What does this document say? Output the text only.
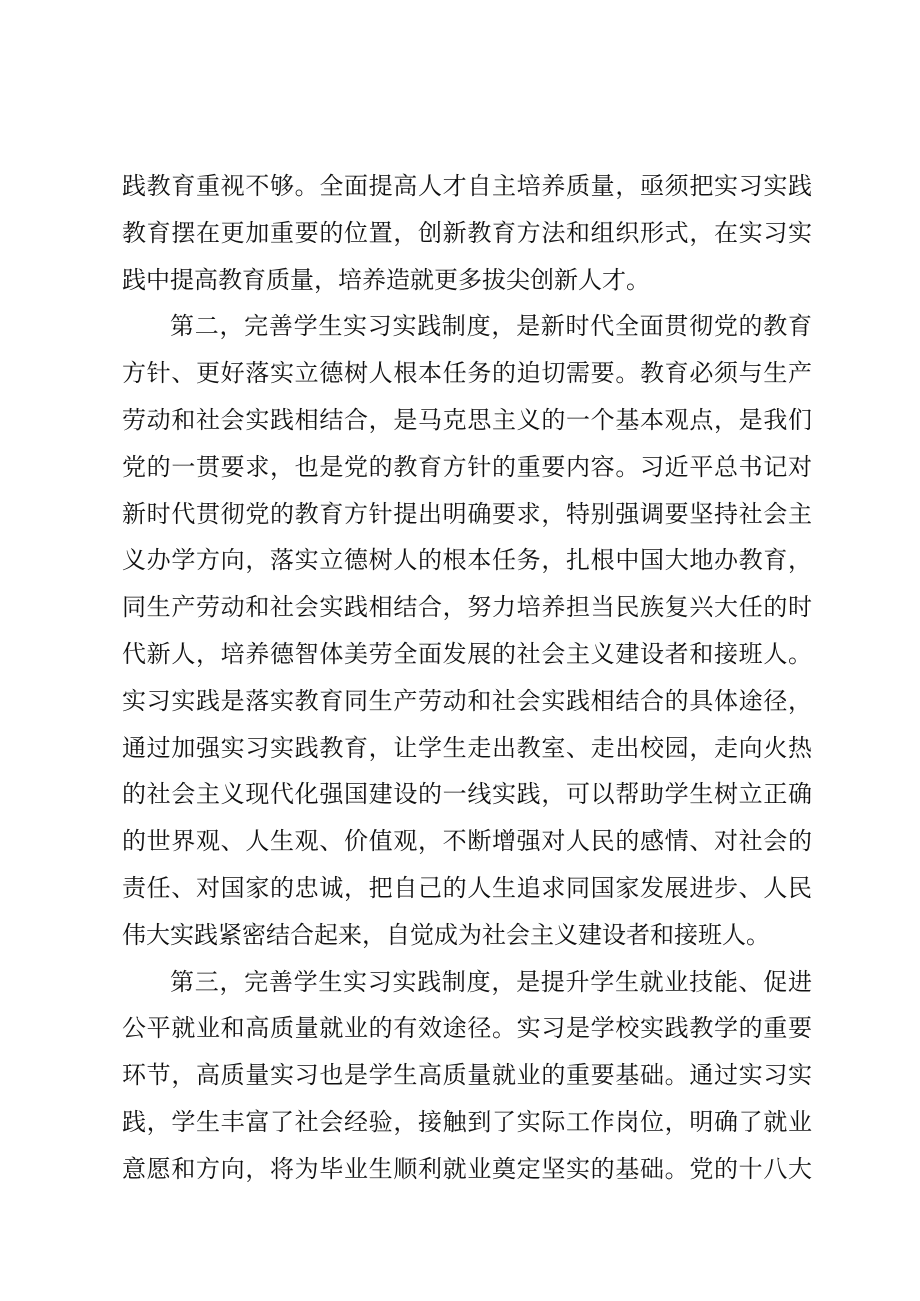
践教育重视不够。全面提高人才自主培养质量，亟须把实习实践
教育摆在更加重要的位置，创新教育方法和组织形式，在实习实
践中提高教育质量，培养造就更多拔尖创新人才。
第二，完善学生实习实践制度，是新时代全面贯彻党的教育
方针、更好落实立德树人根本任务的迫切需要。教育必须与生产
劳动和社会实践相结合，是马克思主义的一个基本观点，是我们
党的一贯要求，也是党的教育方针的重要内容。习近平总书记对
新时代贯彻党的教育方针提出明确要求，特别强调要坚持社会主
义办学方向，落实立德树人的根本任务，扎根中国大地办教育，
同生产劳动和社会实践相结合，努力培养担当民族复兴大任的时
代新人，培养德智体美劳全面发展的社会主义建设者和接班人。
实习实践是落实教育同生产劳动和社会实践相结合的具体途径，
通过加强实习实践教育，让学生走出教室、走出校园，走向火热
的社会主义现代化强国建设的一线实践，可以帮助学生树立正确
的世界观、人生观、价值观，不断增强对人民的感情、对社会的
责任、对国家的忠诚，把自己的人生追求同国家发展进步、人民
伟大实践紧密结合起来，自觉成为社会主义建设者和接班人。
第三，完善学生实习实践制度，是提升学生就业技能、促进
公平就业和高质量就业的有效途径。实习是学校实践教学的重要
环节，高质量实习也是学生高质量就业的重要基础。通过实习实
践，学生丰富了社会经验，接触到了实际工作岗位，明确了就业
意愿和方向，将为毕业生顺利就业奠定坚实的基础。党的十八大
